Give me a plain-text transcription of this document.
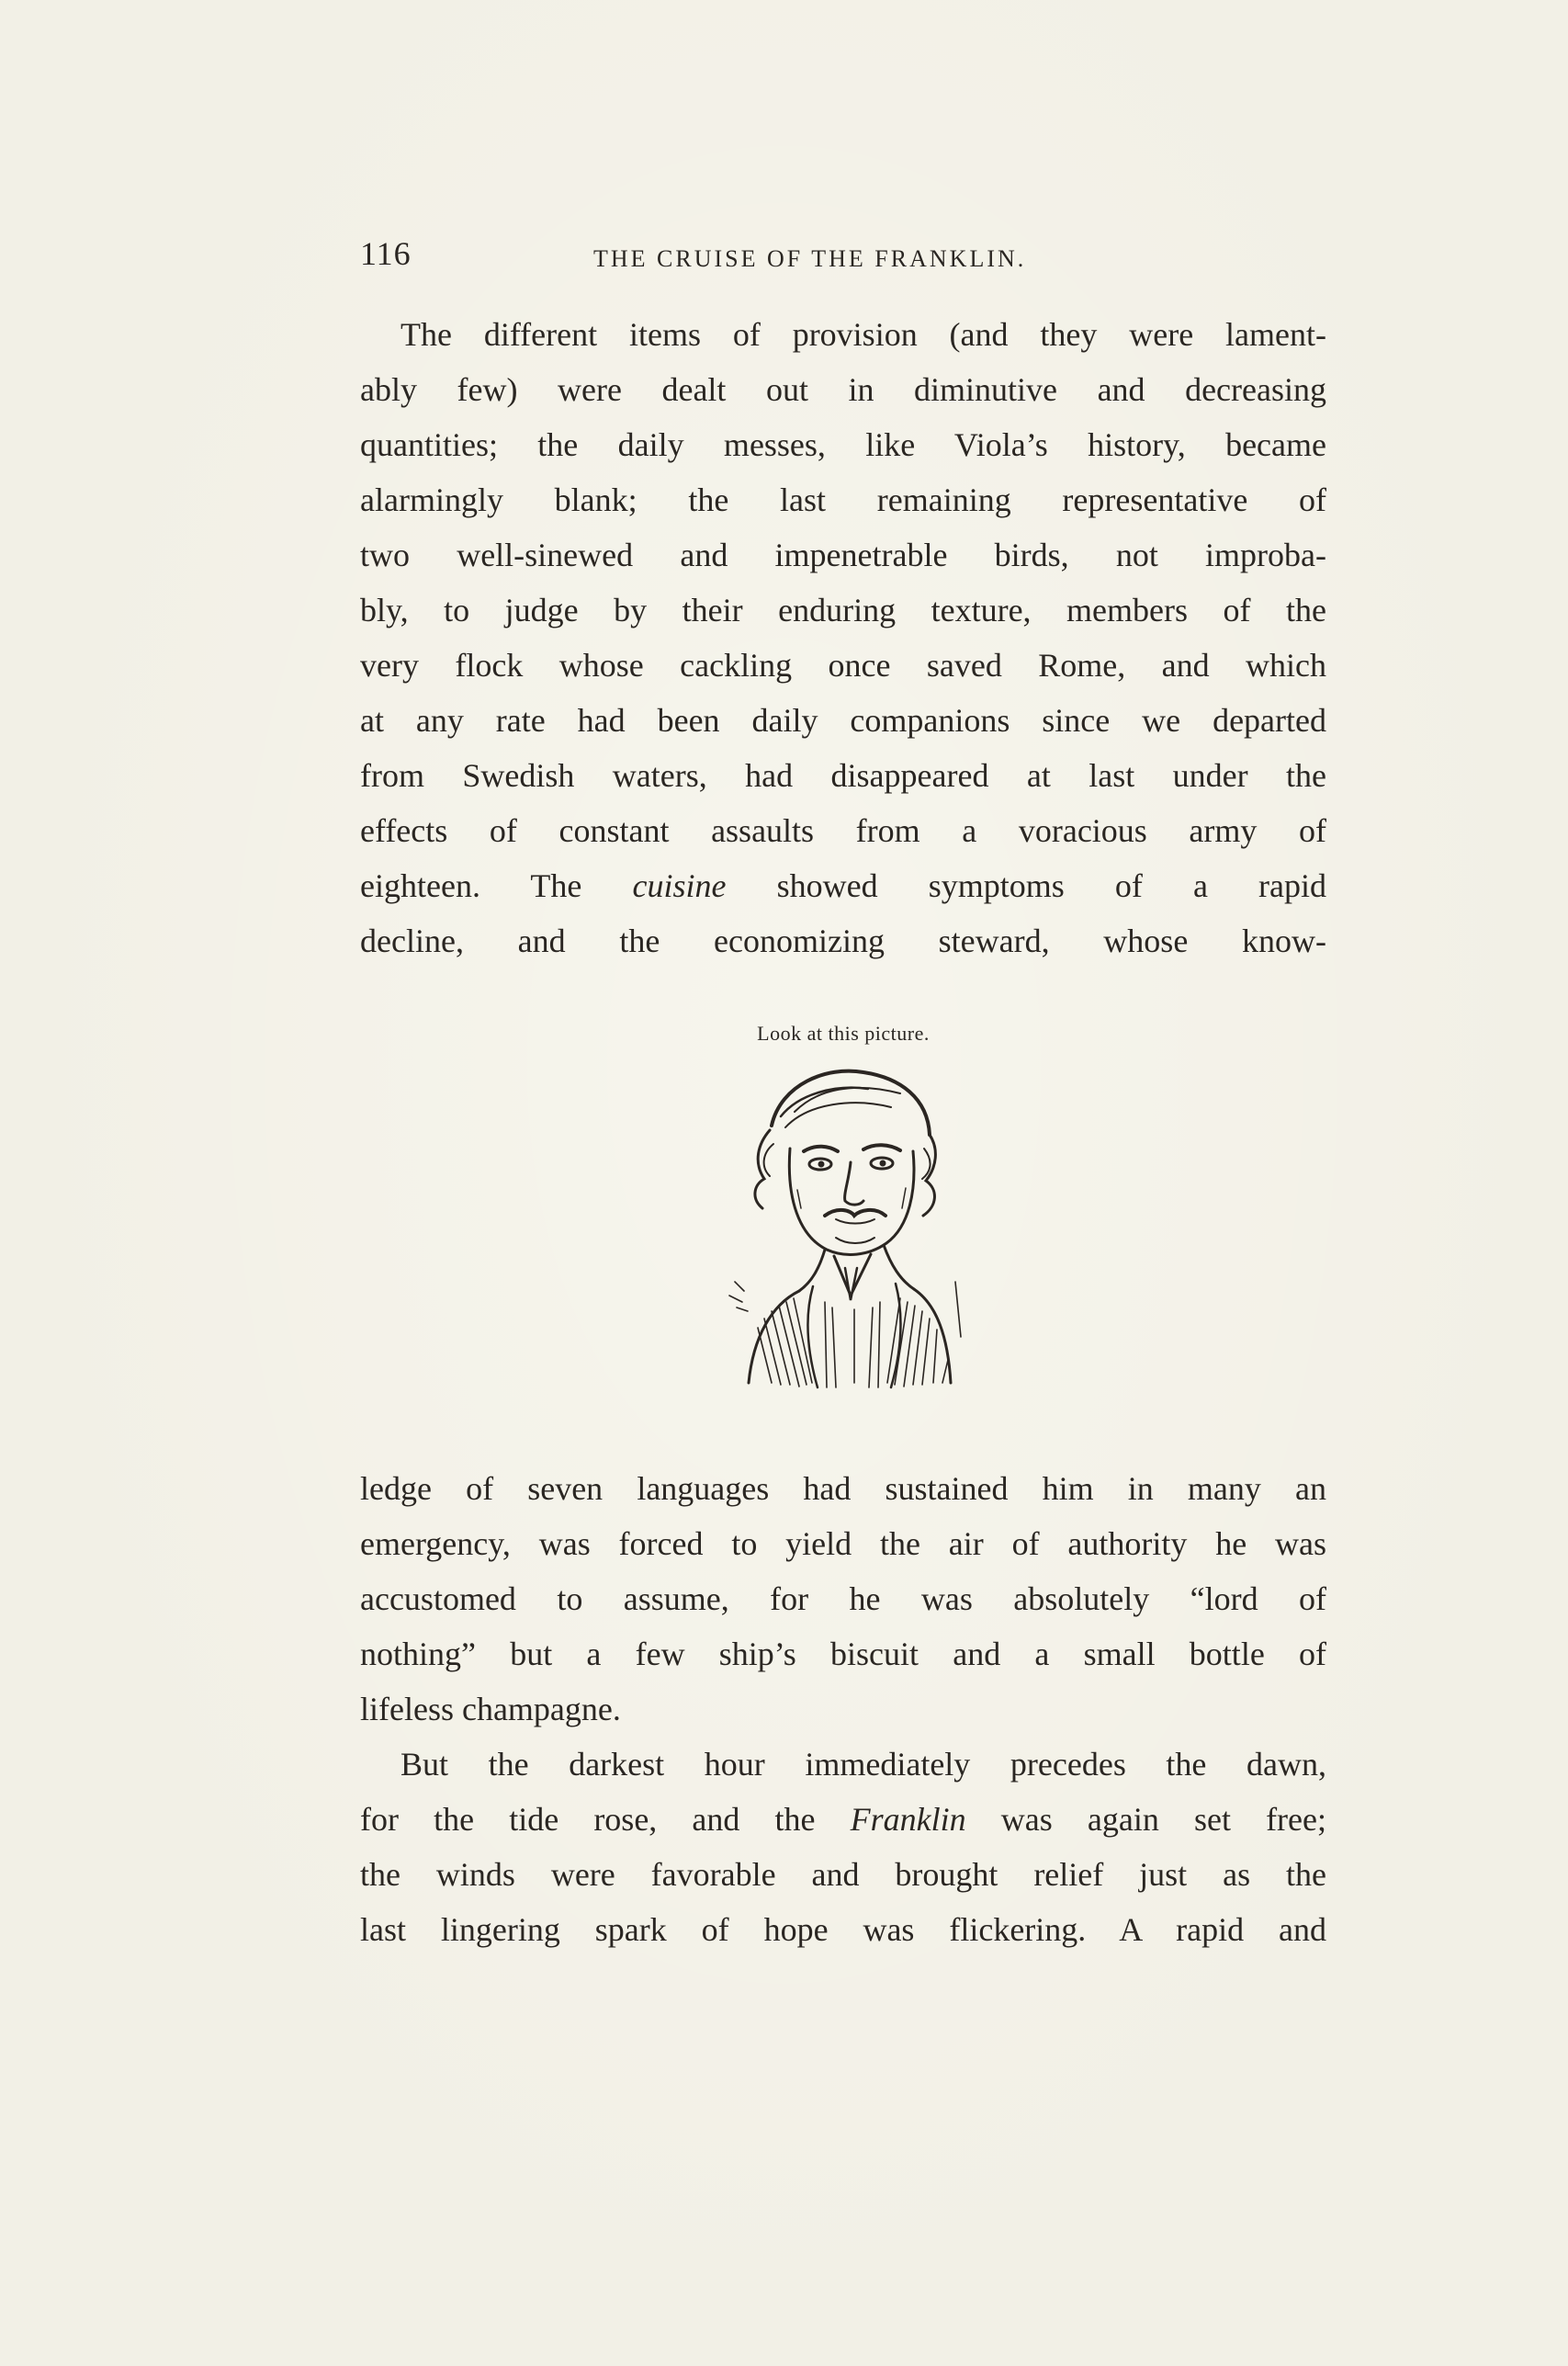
116	THE CRUISE OF THE FRANKLIN.
The different items of provision (and they were lament-
ably few) were dealt out in diminutive and decreasing
quantities; the daily messes, like Viola’s history, became
alarmingly blank; the last remaining representative of
two well-sinewed and impenetrable birds, not improba-
bly, to judge by their enduring texture, members of the
very flock whose cackling once saved Rome, and which
at any rate had been daily companions since we departed
from Swedish waters, had disappeared at last under the
effects of constant assaults from a voracious army of
eighteen. The cuisine showed symptoms of a rapid
decline, and the economizing steward, whose know-
Look at this picture.
ledge of seven languages had sustained him in many an
emergency, was forced to yield the air of authority he was
accustomed to assume, for he was absolutely “lord of
nothing” but a few ship’s biscuit and a small bottle of
lifeless champagne.
But the darkest hour immediately precedes the dawn,
for the tide rose, and the Franklin was again set free;
the winds were favorable and brought relief just as the
last lingering spark of hope was flickering. A rapid and
